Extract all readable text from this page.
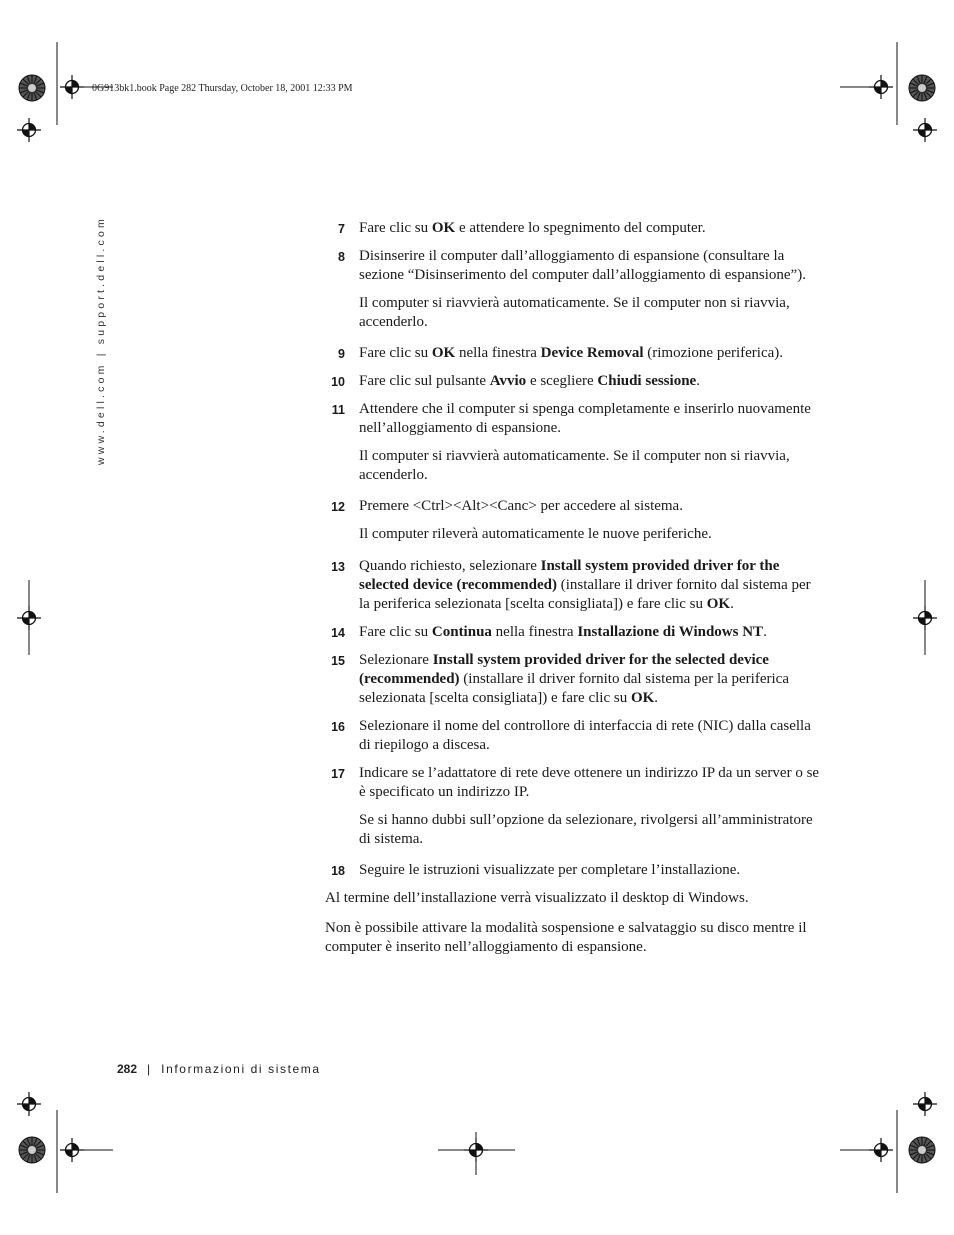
0G913bk1.book Page 282 Thursday, October 18, 2001 12:33 PM
www.dell.com | support.dell.com	7 Fare clic su OK e attendere lo spegnimento del computer.

8 Disinserire il computer dall’alloggiamento di espansione (consultare la sezione “Disinserimento del computer dall’alloggiamento di espansione”).

Il computer si riavvierà automaticamente. Se il computer non si riavvia, accenderlo.

9 Fare clic su OK nella finestra Device Removal (rimozione periferica).

10 Fare clic sul pulsante Avvio e scegliere Chiudi sessione.

11 Attendere che il computer si spenga completamente e inserirlo nuovamente nell’alloggiamento di espansione.

Il computer si riavvierà automaticamente. Se il computer non si riavvia, accenderlo.

12 Premere <Ctrl><Alt><Canc> per accedere al sistema.

Il computer rileverà automaticamente le nuove periferiche.

13 Quando richiesto, selezionare Install system provided driver for the selected device (recommended) (installare il driver fornito dal sistema per la periferica selezionata [scelta consigliata]) e fare clic su OK.

14 Fare clic su Continua nella finestra Installazione di Windows NT.

15 Selezionare Install system provided driver for the selected device (recommended) (installare il driver fornito dal sistema per la periferica selezionata [scelta consigliata]) e fare clic su OK.

16 Selezionare il nome del controllore di interfaccia di rete (NIC) dalla casella di riepilogo a discesa.

17 Indicare se l’adattatore di rete deve ottenere un indirizzo IP da un server o se è specificato un indirizzo IP.

Se si hanno dubbi sull’opzione da selezionare, rivolgersi all’amministratore di sistema.

18 Seguire le istruzioni visualizzate per completare l’installazione.

Al termine dell’installazione verrà visualizzato il desktop di Windows.

Non è possibile attivare la modalità sospensione e salvataggio su disco mentre il computer è inserito nell’alloggiamento di espansione.

282 | Informazioni di sistema
